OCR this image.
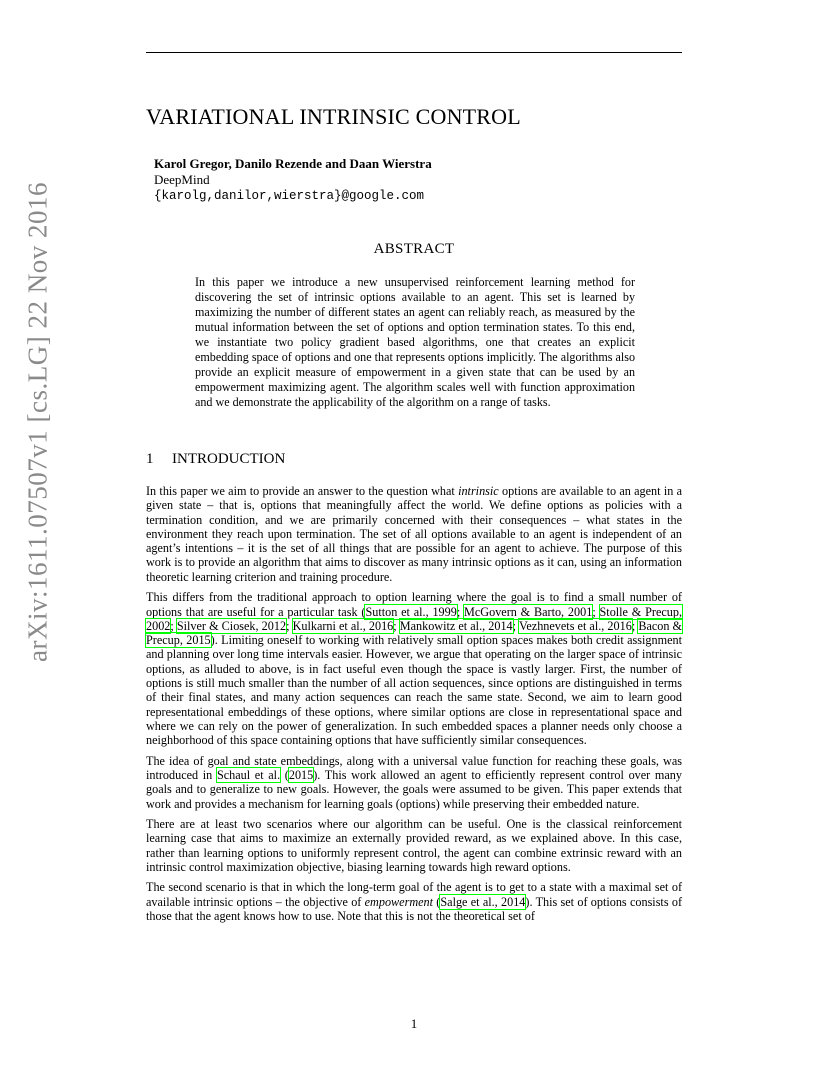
arXiv:1611.07507v1 [cs.LG] 22 Nov 2016
VARIATIONAL INTRINSIC CONTROL
Karol Gregor, Danilo Rezende and Daan Wierstra
DeepMind
{karolg,danilor,wierstra}@google.com
ABSTRACT
In this paper we introduce a new unsupervised reinforcement learning method for discovering the set of intrinsic options available to an agent. This set is learned by maximizing the number of different states an agent can reliably reach, as measured by the mutual information between the set of options and option termination states. To this end, we instantiate two policy gradient based algorithms, one that creates an explicit embedding space of options and one that represents options implicitly. The algorithms also provide an explicit measure of empowerment in a given state that can be used by an empowerment maximizing agent. The algorithm scales well with function approximation and we demonstrate the applicability of the algorithm on a range of tasks.
1 INTRODUCTION

In this paper we aim to provide an answer to the question what intrinsic options are available to an agent in a given state – that is, options that meaningfully affect the world. We define options as policies with a termination condition, and we are primarily concerned with their consequences – what states in the environment they reach upon termination. The set of all options available to an agent is independent of an agent’s intentions – it is the set of all things that are possible for an agent to achieve. The purpose of this work is to provide an algorithm that aims to discover as many intrinsic options as it can, using an information theoretic learning criterion and training procedure.

This differs from the traditional approach to option learning where the goal is to find a small number of options that are useful for a particular task (Sutton et al., 1999; McGovern & Barto, 2001; Stolle & Precup, 2002; Silver & Ciosek, 2012; Kulkarni et al., 2016; Mankowitz et al., 2014; Vezhnevets et al., 2016; Bacon & Precup, 2015). Limiting oneself to working with relatively small option spaces makes both credit assignment and planning over long time intervals easier. However, we argue that operating on the larger space of intrinsic options, as alluded to above, is in fact useful even though the space is vastly larger. First, the number of options is still much smaller than the number of all action sequences, since options are distinguished in terms of their final states, and many action sequences can reach the same state. Second, we aim to learn good representational embeddings of these options, where similar options are close in representational space and where we can rely on the power of generalization. In such embedded spaces a planner needs only choose a neighborhood of this space containing options that have sufficiently similar consequences.

The idea of goal and state embeddings, along with a universal value function for reaching these goals, was introduced in Schaul et al. (2015). This work allowed an agent to efficiently represent control over many goals and to generalize to new goals. However, the goals were assumed to be given. This paper extends that work and provides a mechanism for learning goals (options) while preserving their embedded nature.

There are at least two scenarios where our algorithm can be useful. One is the classical reinforcement learning case that aims to maximize an externally provided reward, as we explained above. In this case, rather than learning options to uniformly represent control, the agent can combine extrinsic reward with an intrinsic control maximization objective, biasing learning towards high reward options.

The second scenario is that in which the long-term goal of the agent is to get to a state with a maximal set of available intrinsic options – the objective of empowerment (Salge et al., 2014). This set of options consists of those that the agent knows how to use. Note that this is not the theoretical set of

1
